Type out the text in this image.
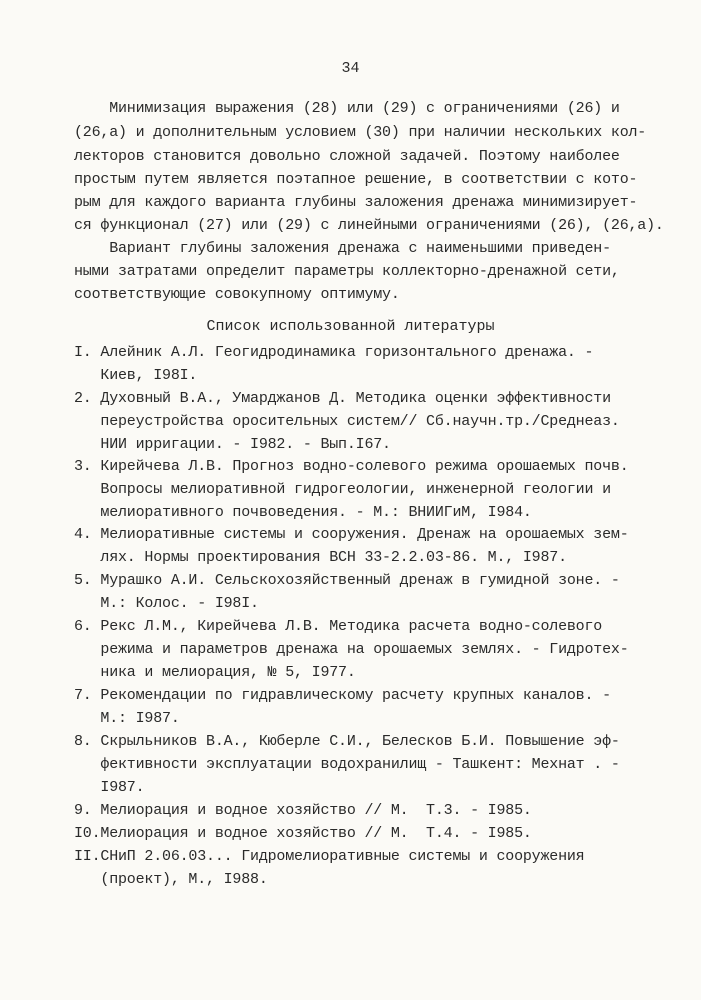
34
Минимизация выражения (28) или (29) с ограничениями (26) и
(26,а) и дополнительным условием (30) при наличии нескольких кол-
лекторов становится довольно сложной задачей. Поэтому наиболее
простым путем является поэтапное решение, в соответствии с кото-
рым для каждого варианта глубины заложения дренажа минимизирует-
ся функционал (27) или (29) с линейными ограничениями (26), (26,а).
Вариант глубины заложения дренажа с наименьшими приведен-
ными затратами определит параметры коллекторно-дренажной сети,
соответствующие совокупному оптимуму.
Список использованной литературы
I. Алейник А.Л. Геогидродинамика горизонтального дренажа. -
Киев, I98I.
2. Духовный В.А., Умарджанов Д. Методика оценки эффективности
переустройства оросительных систем// Сб.научн.тр./Среднеаз.
НИИ ирригации. - I982. - Вып.I67.
3. Кирейчева Л.В. Прогноз водно-солевого режима орошаемых почв.
Вопросы мелиоративной гидрогеологии, инженерной геологии и
мелиоративного почвоведения. - М.: ВНИИГиМ, I984.
4. Мелиоративные системы и сооружения. Дренаж на орошаемых зем-
лях. Нормы проектирования ВСН 33-2.2.03-86. М., I987.
5. Мурашко А.И. Сельскохозяйственный дренаж в гумидной зоне. -
М.: Колос. - I98I.
6. Рекс Л.М., Кирейчева Л.В. Методика расчета водно-солевого
режима и параметров дренажа на орошаемых землях. - Гидротех-
ника и мелиорация, № 5, I977.
7. Рекомендации по гидравлическому расчету крупных каналов. -
М.: I987.
8. Скрыльников В.А., Кюберле С.И., Белесков Б.И. Повышение эф-
фективности эксплуатации водохранилищ - Ташкент: Мехнат . -
I987.
9. Мелиорация и водное хозяйство // М.  Т.3. - I985.
I0.Мелиорация и водное хозяйство // М.  Т.4. - I985.
II.СНиП 2.06.03... Гидромелиоративные системы и сооружения
(проект), М., I988.
